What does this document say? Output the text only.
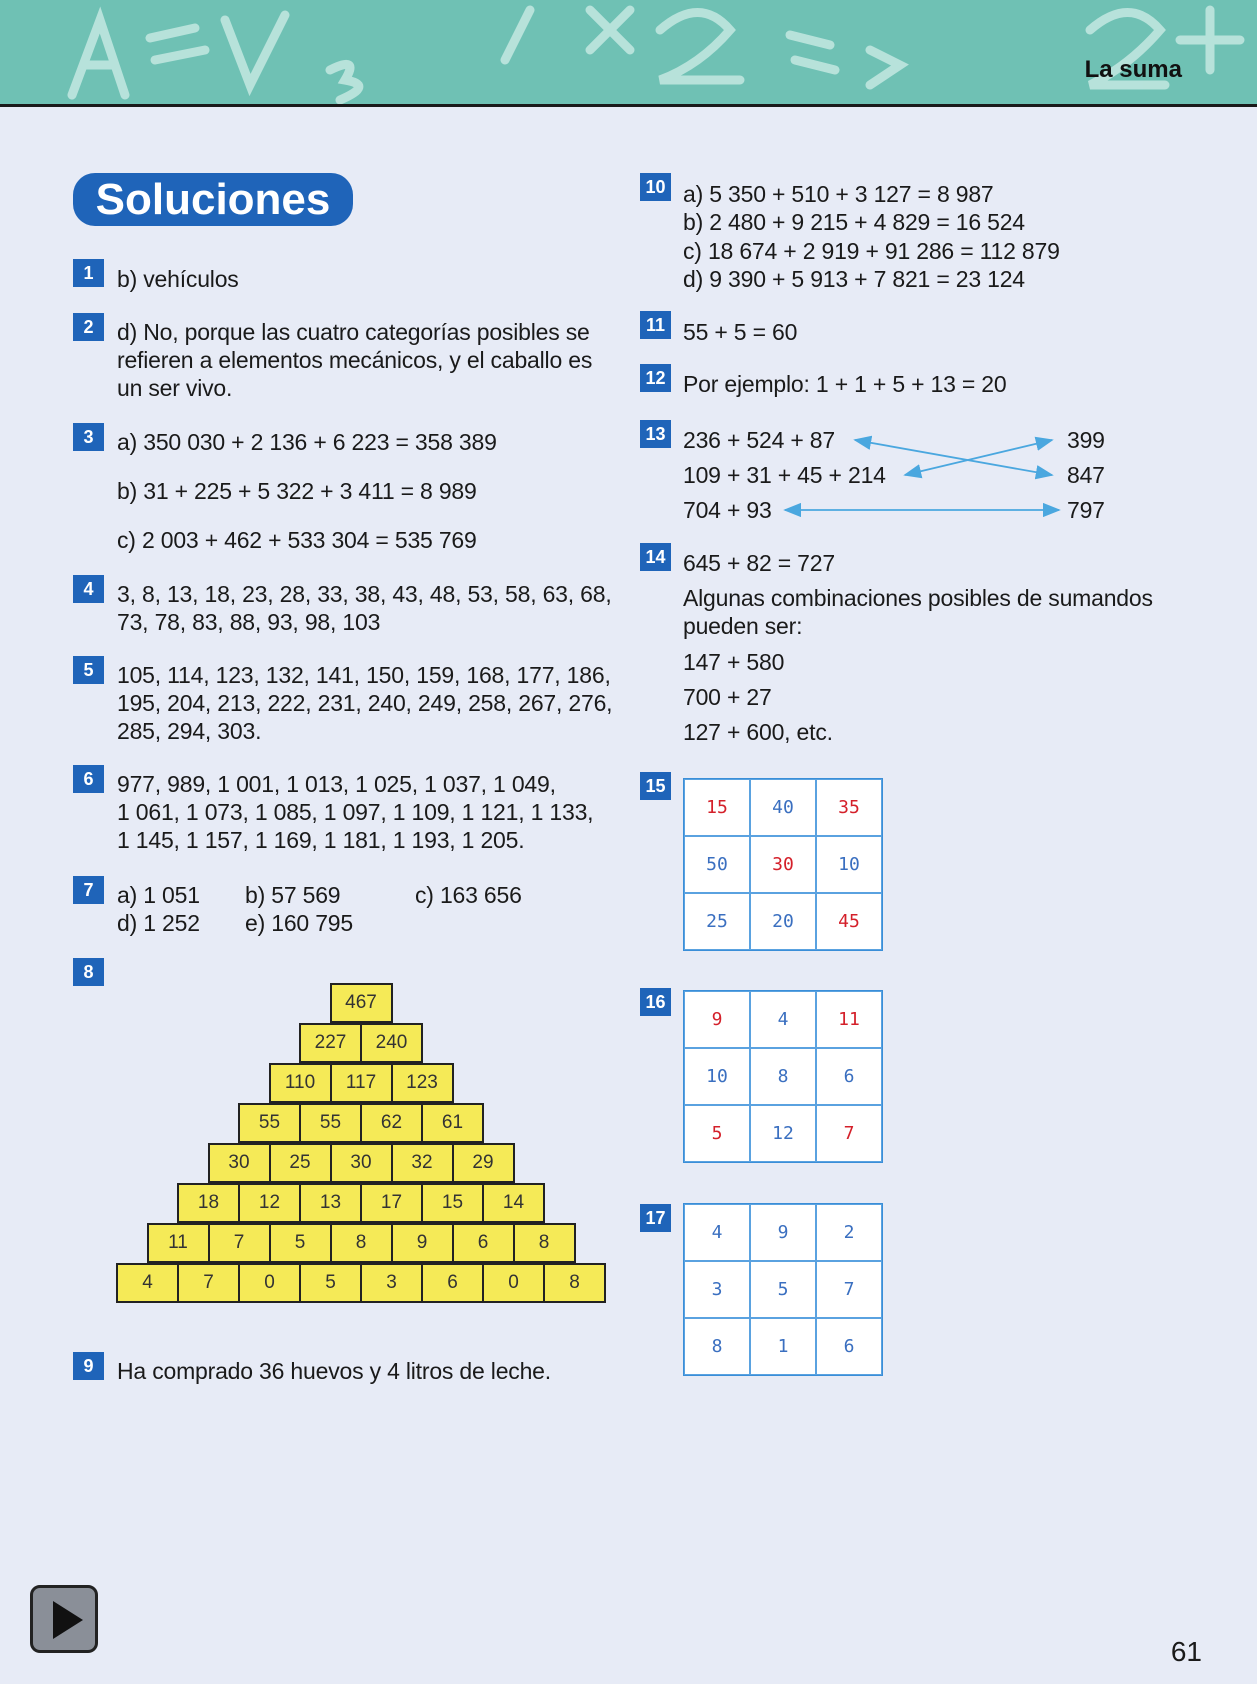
La suma
Soluciones
1	b) vehículos
2	d) No, porque las cuatro categorías posibles se
refieren a elementos mecánicos, y el caballo es
un ser vivo.
3	a) 350 030 + 2 136 + 6 223 = 358 389
b) 31 + 225 + 5 322 + 3 411 = 8 989
c) 2 003 + 462 + 533 304 = 535 769
4	3, 8, 13, 18, 23, 28, 33, 38, 43, 48, 53, 58, 63, 68,
73, 78, 83, 88, 93, 98, 103
5	105, 114, 123, 132, 141, 150, 159, 168, 177, 186,
195, 204, 213, 222, 231, 240, 249, 258, 267, 276,
285, 294, 303.
6	977, 989, 1 001, 1 013, 1 025, 1 037, 1 049,
1 061, 1 073, 1 085, 1 097, 1 109, 1 121, 1 133,
1 145, 1 157, 1 169, 1 181, 1 193, 1 205.
7	a) 1 051 b) 57 569	c) 163 656
d) 1 252 e) 160 795
8
467
227	240
110	117	123
55	55	62	61
30	25	30	32	29
18	12	13	17	15	14
11	7	5	8	9	6	8
4	7	0	5	3	6	0	8
9	Ha comprado 36 huevos y 4 litros de leche.
10 a) 5 350 + 510 + 3 127 = 8 987
b) 2 480 + 9 215 + 4 829 = 16 524
c) 18 674 + 2 919 + 91 286 = 112 879
d) 9 390 + 5 913 + 7 821 = 23 124
11 55 + 5 = 60
12 Por ejemplo: 1 + 1 + 5 + 13 = 20
13 236 + 524 + 87
109 + 31 + 45 + 214
704 + 93
399
847
797
14 645 + 82 = 727
Algunas combinaciones posibles de sumandos
pueden ser:
147 + 580
700 + 27
127 + 600, etc.
15
15	40	35
50	30	10
25	20	45
16
9	4	11
10	8	6
5	12	7
17
4	9	2
3	5	7
8	1	6
61
